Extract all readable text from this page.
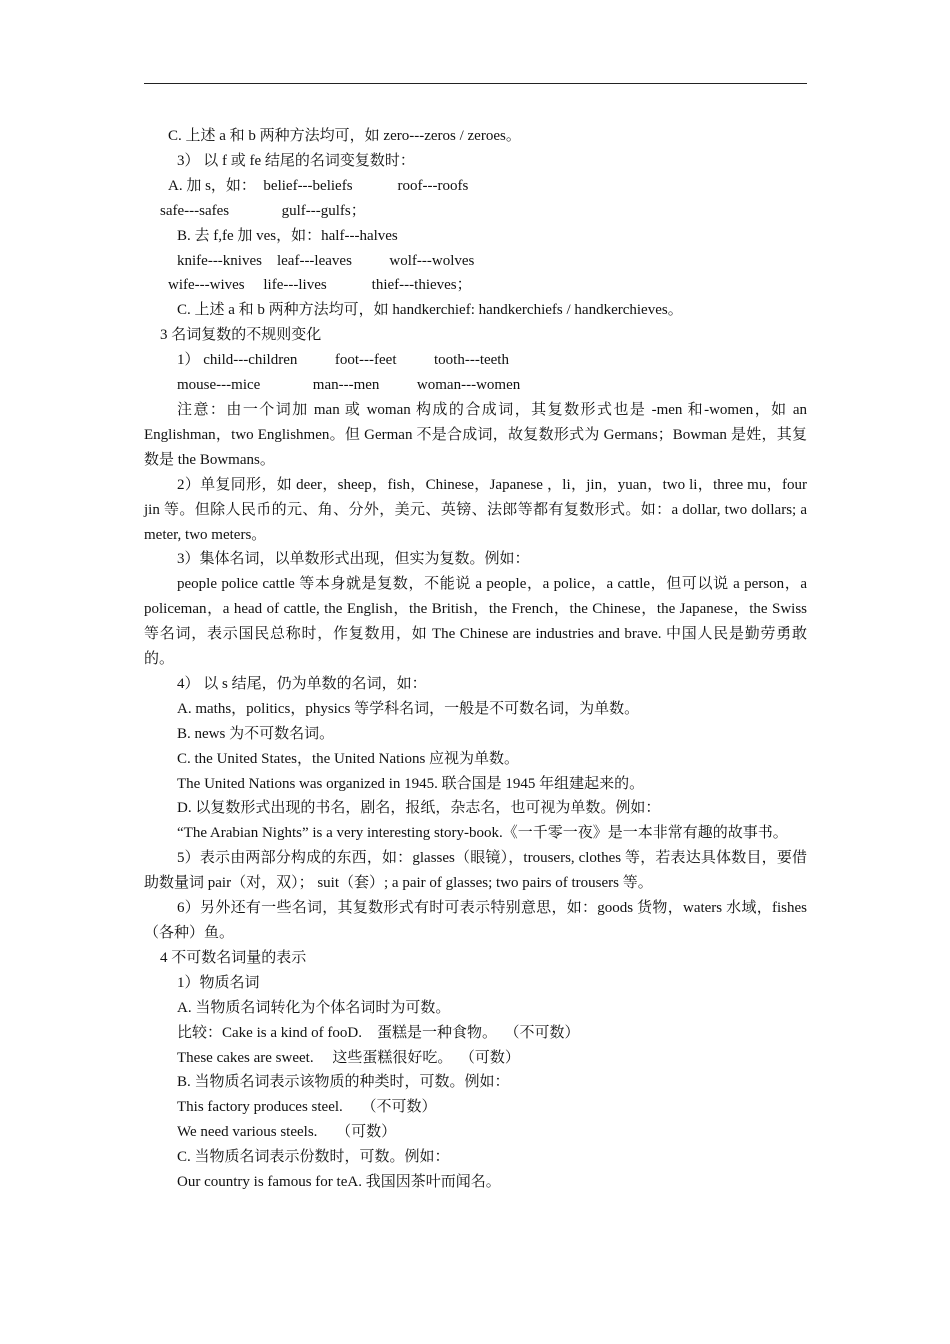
C. 上述 a 和 b 两种方法均可，如 zero---zeros / zeroes。

3） 以 f 或 fe 结尾的名词变复数时：

A. 加 s，如：  belief---beliefs            roof---roofs

safe---safes              gulf---gulfs；

B. 去 f,fe 加 ves，如：half---halves

knife---knives    leaf---leaves          wolf---wolves

wife---wives     life---lives            thief---thieves；

C. 上述 a 和 b 两种方法均可，如 handkerchief: handkerchiefs / handkerchieves。

3 名词复数的不规则变化

1） child---children          foot---feet          tooth---teeth

mouse---mice              man---men          woman---women

注意：由一个词加 man 或 woman 构成的合成词，其复数形式也是 -men 和-women，如 an Englishman，two Englishmen。但 German 不是合成词，故复数形式为 Germans；Bowman 是姓，其复数是 the Bowmans。

2）单复同形，如 deer，sheep，fish，Chinese，Japanese ，li，jin，yuan，two li，three mu，four jin 等。但除人民币的元、角、分外，美元、英镑、法郎等都有复数形式。如：a dollar, two dollars; a meter, two meters。

3）集体名词，以单数形式出现，但实为复数。例如：

people police cattle 等本身就是复数，不能说 a people，a police，a cattle，但可以说 a person，a policeman，a head of cattle, the English，the British，the French，the Chinese，the Japanese，the Swiss 等名词，表示国民总称时，作复数用，如 The Chinese are industries and brave. 中国人民是勤劳勇敢的。

4） 以 s 结尾，仍为单数的名词，如：

A. maths，politics，physics 等学科名词，一般是不可数名词，为单数。

B. news 为不可数名词。

C. the United States，the United Nations 应视为单数。

The United Nations was organized in 1945. 联合国是 1945 年组建起来的。

D. 以复数形式出现的书名，剧名，报纸，杂志名，也可视为单数。例如：

“The Arabian Nights” is a very interesting story-book.《一千零一夜》是一本非常有趣的故事书。

5）表示由两部分构成的东西，如：glasses（眼镜），trousers, clothes 等，若表达具体数目，要借助数量词 pair（对，双）； suit（套）; a pair of glasses; two pairs of trousers 等。

6）另外还有一些名词，其复数形式有时可表示特别意思，如：goods 货物，waters 水域，fishes（各种）鱼。

4 不可数名词量的表示

1）物质名词

A. 当物质名词转化为个体名词时为可数。

比较：Cake is a kind of fooD.    蛋糕是一种食物。  （不可数）

These cakes are sweet.     这些蛋糕很好吃。  （可数）

B. 当物质名词表示该物质的种类时，可数。例如：

This factory produces steel.     （不可数）

We need various steels.     （可数）

C. 当物质名词表示份数时，可数。例如：

Our country is famous for teA. 我国因茶叶而闻名。
